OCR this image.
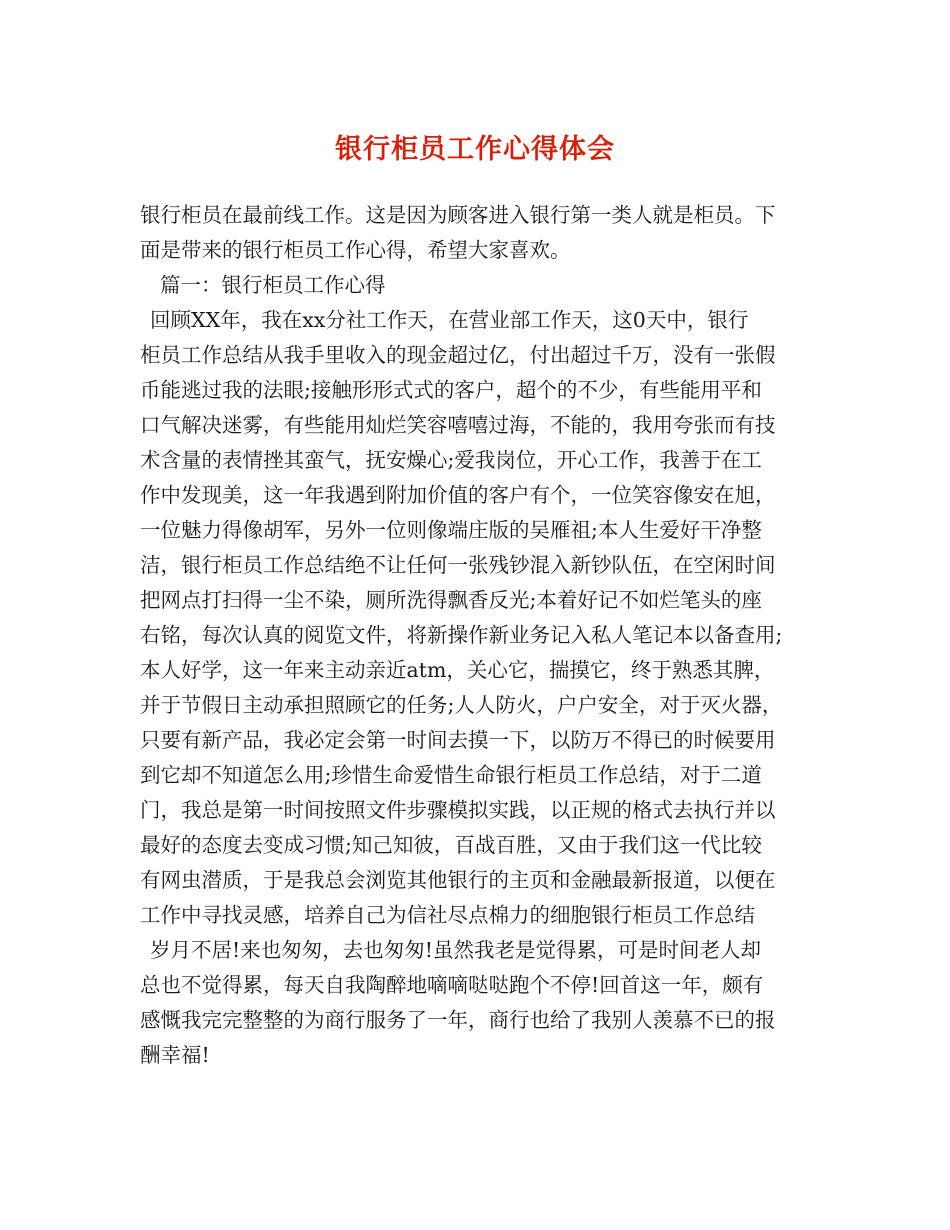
银行柜员工作心得体会

银行柜员在最前线工作。这是因为顾客进入银行第一类人就是柜员。下

面是带来的银行柜员工作心得，希望大家喜欢。

篇一：银行柜员工作心得

回顾XX年，我在xx分社工作天，在营业部工作天，这0天中，银行

柜员工作总结从我手里收入的现金超过亿，付出超过千万，没有一张假

币能逃过我的法眼;接触形形式式的客户，超个的不少，有些能用平和

口气解决迷雾，有些能用灿烂笑容嘻嘻过海，不能的，我用夸张而有技

术含量的表情挫其蛮气，抚安燥心;爱我岗位，开心工作，我善于在工

作中发现美，这一年我遇到附加价值的客户有个，一位笑容像安在旭，

一位魅力得像胡军，另外一位则像端庄版的吴雁祖;本人生爱好干净整

洁，银行柜员工作总结绝不让任何一张残钞混入新钞队伍，在空闲时间

把网点打扫得一尘不染，厕所洗得飘香反光;本着好记不如烂笔头的座

右铭，每次认真的阅览文件，将新操作新业务记入私人笔记本以备查用;

本人好学，这一年来主动亲近atm，关心它，揣摸它，终于熟悉其脾，

并于节假日主动承担照顾它的任务;人人防火，户户安全，对于灭火器，

只要有新产品，我必定会第一时间去摸一下，以防万不得已的时候要用

到它却不知道怎么用;珍惜生命爱惜生命银行柜员工作总结，对于二道

门，我总是第一时间按照文件步骤模拟实践，以正规的格式去执行并以

最好的态度去变成习惯;知己知彼，百战百胜，又由于我们这一代比较

有网虫潜质，于是我总会浏览其他银行的主页和金融最新报道，以便在

工作中寻找灵感，培养自己为信社尽点棉力的细胞银行柜员工作总结

岁月不居!来也匆匆，去也匆匆!虽然我老是觉得累，可是时间老人却

总也不觉得累，每天自我陶醉地嘀嘀哒哒跑个不停!回首这一年，颇有

感慨我完完整整的为商行服务了一年，商行也给了我别人羡慕不已的报

酬幸福!
